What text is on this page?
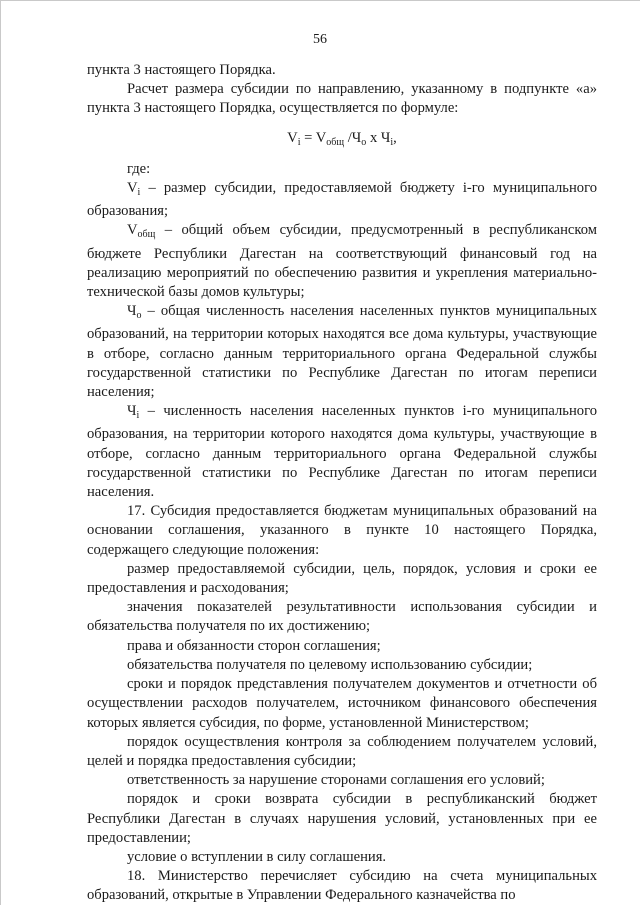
56

пункта 3 настоящего Порядка.

Расчет размера субсидии по направлению, указанному в подпункте «а» пункта 3 настоящего Порядка, осуществляется по формуле:

$V_i = V_{общ}$ $/Ч_o$ х $Ч_i$,

где:

$V_i$ – размер субсидии, предоставляемой бюджету i-го муниципального образования;

$V_{общ}$ – общий объем субсидии, предусмотренный в республиканском бюджете Республики Дагестан на соответствующий финансовый год на реализацию мероприятий по обеспечению развития и укрепления материально-технической базы домов культуры;

$Ч_o$ – общая численность населения населенных пунктов муниципальных образований, на территории которых находятся все дома культуры, участвующие в отборе, согласно данным территориального органа Федеральной службы государственной статистики по Республике Дагестан по итогам переписи населения;

$Ч_i$ – численность населения населенных пунктов i-го муниципального образования, на территории которого находятся дома культуры, участвующие в отборе, согласно данным территориального органа Федеральной службы государственной статистики по Республике Дагестан по итогам переписи населения.

17. Субсидия предоставляется бюджетам муниципальных образований на основании соглашения, указанного в пункте 10 настоящего Порядка, содержащего следующие положения:

размер предоставляемой субсидии, цель, порядок, условия и сроки ее предоставления и расходования;

значения показателей результативности использования субсидии и обязательства получателя по их достижению;

права и обязанности сторон соглашения;

обязательства получателя по целевому использованию субсидии;

сроки и порядок представления получателем документов и отчетности об осуществлении расходов получателем, источником финансового обеспечения которых является субсидия, по форме, установленной Министерством;

порядок осуществления контроля за соблюдением получателем условий, целей и порядка предоставления субсидии;

ответственность за нарушение сторонами соглашения его условий;

порядок и сроки возврата субсидии в республиканский бюджет Республики Дагестан в случаях нарушения условий, установленных при ее предоставлении;

условие о вступлении в силу соглашения.

18. Министерство перечисляет субсидию на счета муниципальных образований, открытые в Управлении Федерального казначейства по
